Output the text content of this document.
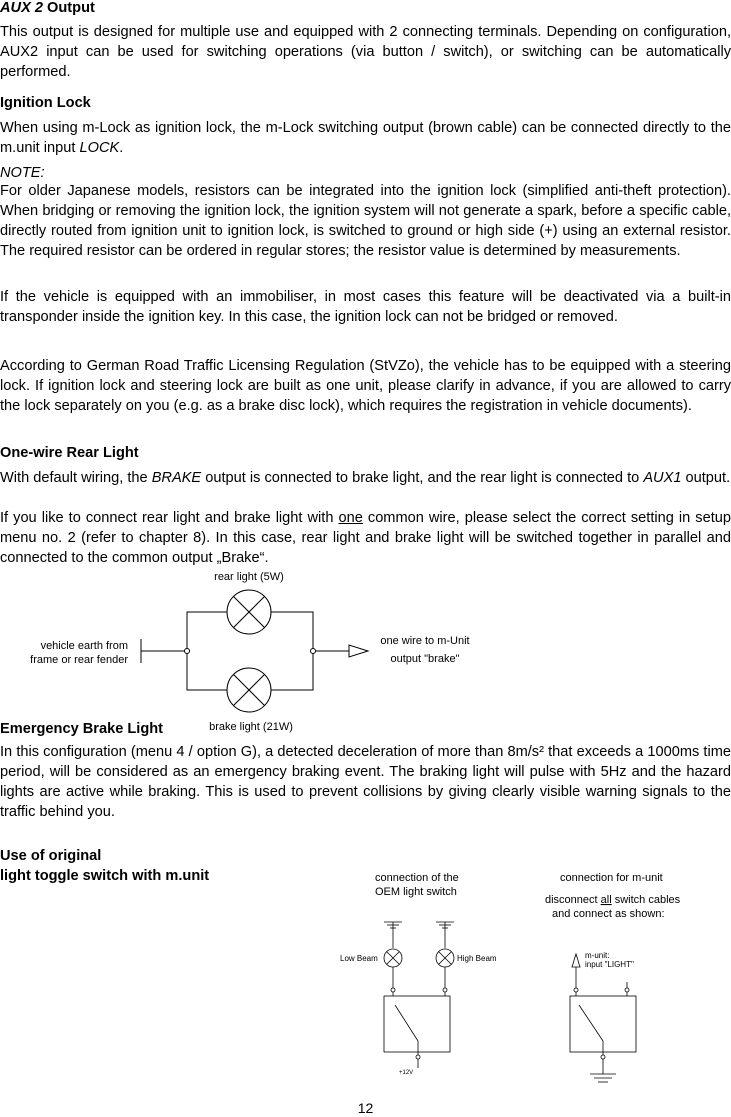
AUX 2 Output

This output is designed for multiple use and equipped with 2 connecting terminals. Depending on configuration, AUX2 input can be used for switching operations (via button / switch), or switching can be automatically performed.

Ignition Lock

When using m-Lock as ignition lock, the m-Lock switching output (brown cable) can be connected directly to the m.unit input LOCK.

NOTE:

For older Japanese models, resistors can be integrated into the ignition lock (simplified anti-theft protection). When bridging or removing the ignition lock, the ignition system will not generate a spark, before a specific cable, directly routed from ignition unit to ignition lock, is switched to ground or high side (+) using an external resistor. The required resistor can be ordered in regular stores; the resistor value is determined by measurements.

If the vehicle is equipped with an immobiliser, in most cases this feature will be deactivated via a built-in transponder inside the ignition key. In this case, the ignition lock can not be bridged or removed.

According to German Road Traffic Licensing Regulation (StVZo), the vehicle has to be equipped with a steering lock. If ignition lock and steering lock are built as one unit, please clarify in advance, if you are allowed to carry the lock separately on you (e.g. as a brake disc lock), which requires the registration in vehicle documents).

One-wire Rear Light

With default wiring, the BRAKE output is connected to brake light, and the rear light is connected to AUX1 output.

If you like to connect rear light and brake light with one common wire, please select the correct setting in setup menu no. 2 (refer to chapter 8). In this case, rear light and brake light will be switched together in parallel and connected to the common output „Brake“.

rear light (5W)
vehicle earth from
frame or rear fender
one wire to m-Unit
output "brake"
brake light (21W)
Emergency Brake Light

In this configuration (menu 4 / option G), a detected deceleration of more than 8m/s² that exceeds a 1000ms time period, will be considered as an emergency braking event. The braking light will pulse with 5Hz and the hazard lights are active while braking. This is used to prevent collisions by giving clearly visible warning signals to the traffic behind you.

Use of original
light toggle switch with m.unit	connection of the
OEM light switch
connection for m-unit
disconnect all switch cables
and connect as shown:
Low Beam	High Beam
+12V
m-unit:
input "LIGHT"
12
